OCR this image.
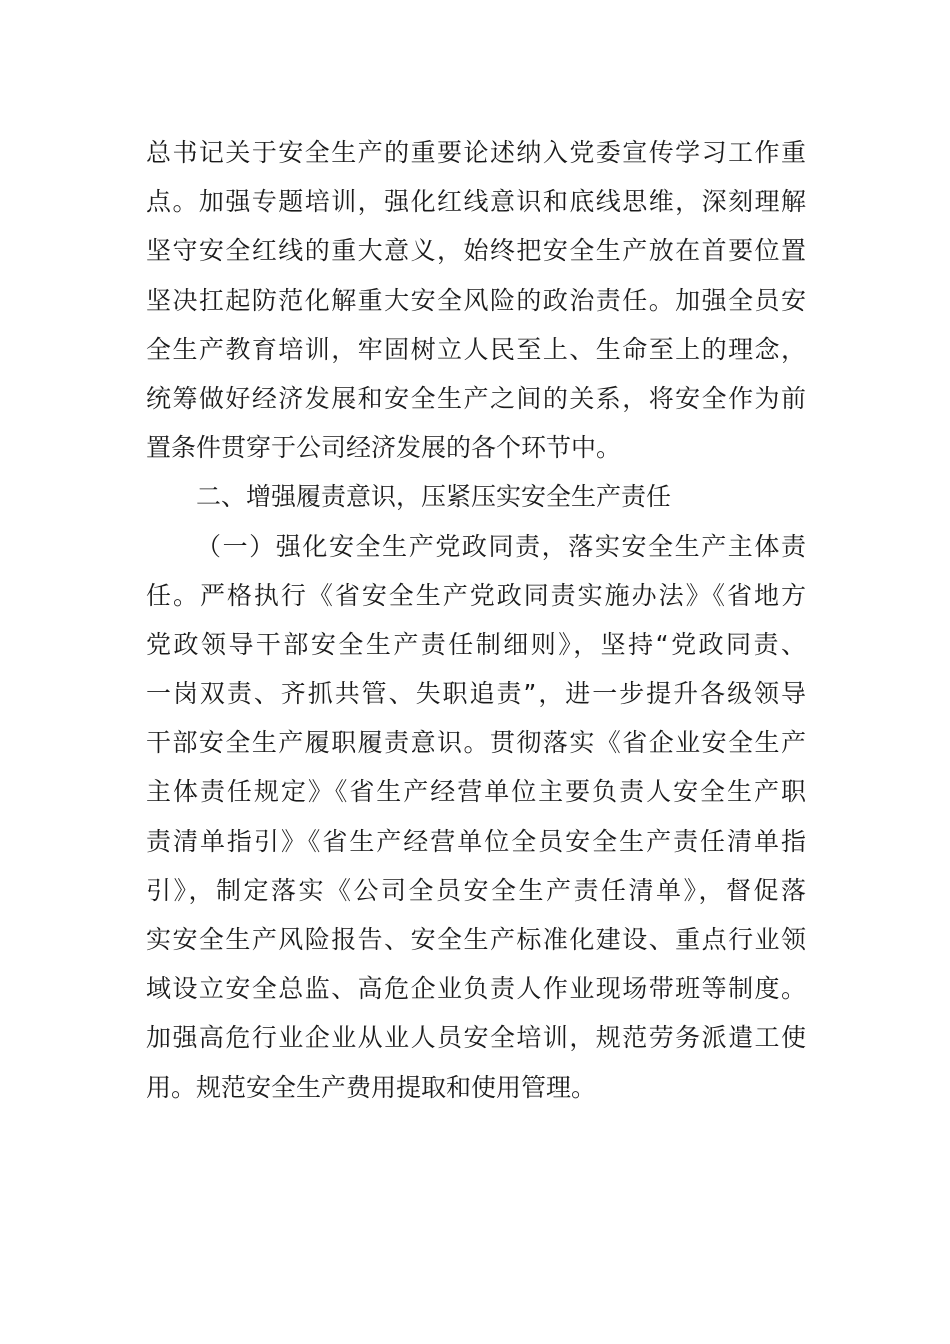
总书记关于安全生产的重要论述纳入党委宣传学习工作重
点。加强专题培训，强化红线意识和底线思维，深刻理解
坚守安全红线的重大意义，始终把安全生产放在首要位置
坚决扛起防范化解重大安全风险的政治责任。加强全员安
全生产教育培训，牢固树立人民至上、生命至上的理念，
统筹做好经济发展和安全生产之间的关系，将安全作为前
置条件贯穿于公司经济发展的各个环节中。
二、增强履责意识，压紧压实安全生产责任
（一）强化安全生产党政同责，落实安全生产主体责
任。严格执行《省安全生产党政同责实施办法》《省地方
党政领导干部安全生产责任制细则》，坚持“党政同责、
一岗双责、齐抓共管、失职追责”，进一步提升各级领导
干部安全生产履职履责意识。贯彻落实《省企业安全生产
主体责任规定》《省生产经营单位主要负责人安全生产职
责清单指引》《省生产经营单位全员安全生产责任清单指
引》，制定落实《公司全员安全生产责任清单》，督促落
实安全生产风险报告、安全生产标准化建设、重点行业领
域设立安全总监、高危企业负责人作业现场带班等制度。
加强高危行业企业从业人员安全培训，规范劳务派遣工使
用。规范安全生产费用提取和使用管理。
